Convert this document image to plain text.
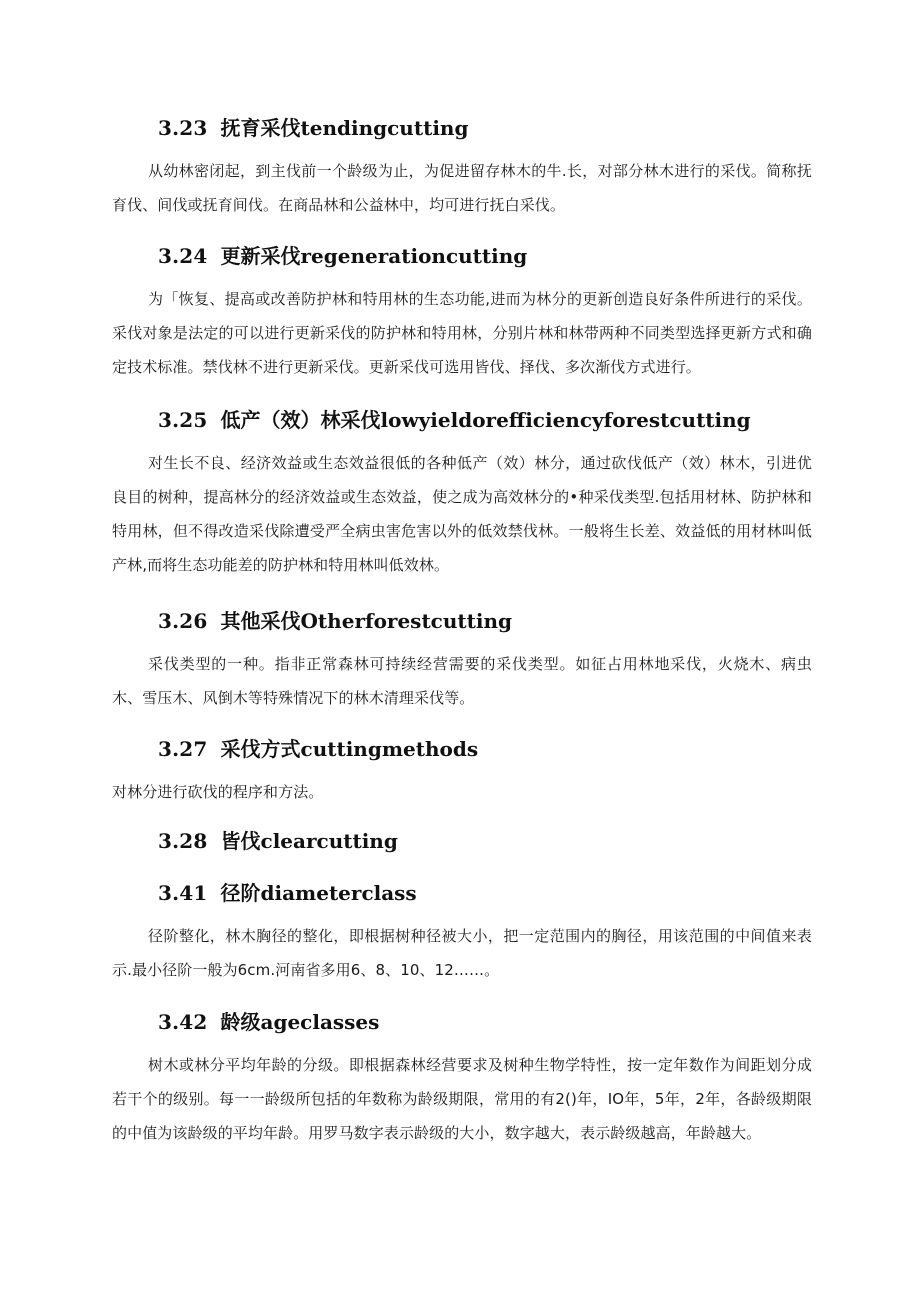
3.23 抚育采伐tendingcutting

从幼林密闭起，到主伐前一个龄级为止，为促进留存林木的牛.长，对部分林木进行的采伐。简称抚育伐、间伐或抚育间伐。在商品林和公益林中，均可进行抚白采伐。

3.24 更新采伐regenerationcutting

为「恢复、提高或改善防护林和特用林的生态功能,进而为林分的更新创造良好条件所进行的采伐。采伐对象是法定的可以进行更新采伐的防护林和特用林，分别片林和林带两种不同类型选择更新方式和确定技术标准。禁伐林不进行更新采伐。更新采伐可选用皆伐、择伐、多次渐伐方式进行。

3.25 低产（效）林采伐lowyieldorefficiencyforestcutting

对生长不良、经济效益或生态效益很低的各种低产（效）林分，通过砍伐低产（效）林木，引进优良目的树种，提高林分的经济效益或生态效益，使之成为高效林分的•种采伐类型.包括用材林、防护林和特用林，但不得改造采伐除遭受严全病虫害危害以外的低效禁伐林。一般将生长差、效益低的用材林叫低产林,而将生态功能差的防护林和特用林叫低效林。

3.26 其他采伐Otherforestcutting

采伐类型的一种。指非正常森林可持续经营需要的采伐类型。如征占用林地采伐，火烧木、病虫木、雪压木、风倒木等特殊情况下的林木清理采伐等。

3.27 采伐方式cuttingmethods

对林分进行砍伐的程序和方法。

3.28 皆伐clearcutting
3.41 径阶diameterclass

径阶整化，林木胸径的整化，即根据树种径被大小，把一定范围内的胸径，用该范围的中间值来表示.最小径阶一般为6cm.河南省多用6、8、10、12……。

3.42 龄级ageclasses

树木或林分平均年龄的分级。即根据森林经营要求及树种生物学特性，按一定年数作为间距划分成若干个的级别。每一一龄级所包括的年数称为龄级期限，常用的有2()年，IO年，5年，2年，各龄级期限的中值为该龄级的平均年龄。用罗马数字表示龄级的大小，数字越大，表示龄级越高，年龄越大。
